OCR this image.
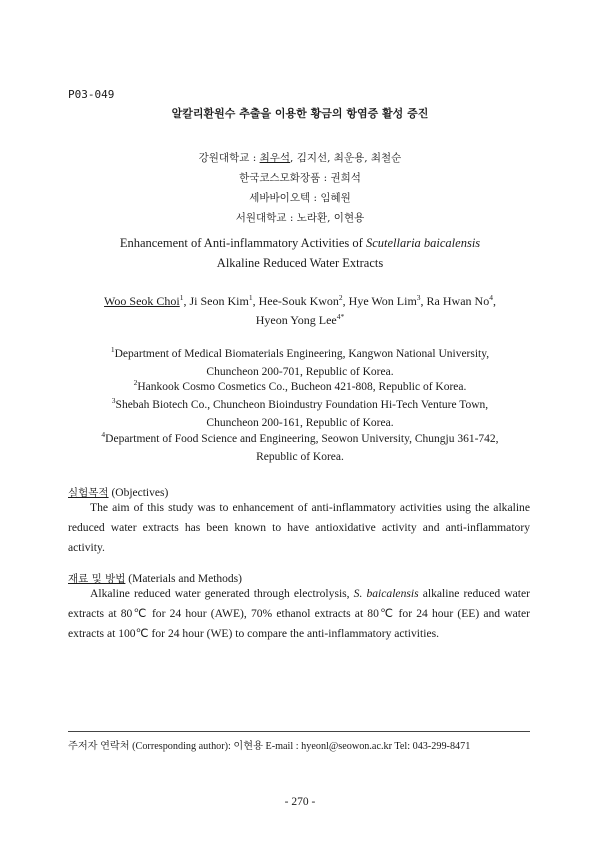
P03-049
알칼리환원수 추출을 이용한 황금의 항염증 활성 증진
강원대학교 : 최우석, 김지선, 최운용, 최철순
한국코스모화장품 : 권희석
세바바이오텍 : 임혜원
서원대학교 : 노라환, 이현용
Enhancement of Anti-inflammatory Activities of Scutellaria baicalensis
Alkaline Reduced Water Extracts
Woo Seok Choi$^1$, Ji Seon Kim$^1$, Hee-Souk Kwon$^2$, Hye Won Lim$^3$, Ra Hwan No$^4$,
Hyeon Yong Lee$^{4*}$
$^1$Department of Medical Biomaterials Engineering, Kangwon National University,
Chuncheon 200-701, Republic of Korea.
$^2$Hankook Cosmo Cosmetics Co., Bucheon 421-808, Republic of Korea.
$^3$Shebah Biotech Co., Chuncheon Bioindustry Foundation Hi-Tech Venture Town,
Chuncheon 200-161, Republic of Korea.
$^4$Department of Food Science and Engineering, Seowon University, Chungju 361-742,
Republic of Korea.
실험목적 (Objectives)

The aim of this study was to enhancement of anti-inflammatory activities using the alkaline reduced water extracts has been known to have antioxidative activity and anti-inflammatory activity.

재료 및 방법 (Materials and Methods)

Alkaline reduced water generated through electrolysis, S. baicalensis alkaline reduced water extracts at 80℃ for 24 hour (AWE), 70% ethanol extracts at 80℃ for 24 hour (EE) and water extracts at 100℃ for 24 hour (WE) to compare the anti-inflammatory activities.

주저자 연락처 (Corresponding author): 이현용 E-mail : hyeonl@seowon.ac.kr Tel: 043-299-8471
- 270 -
